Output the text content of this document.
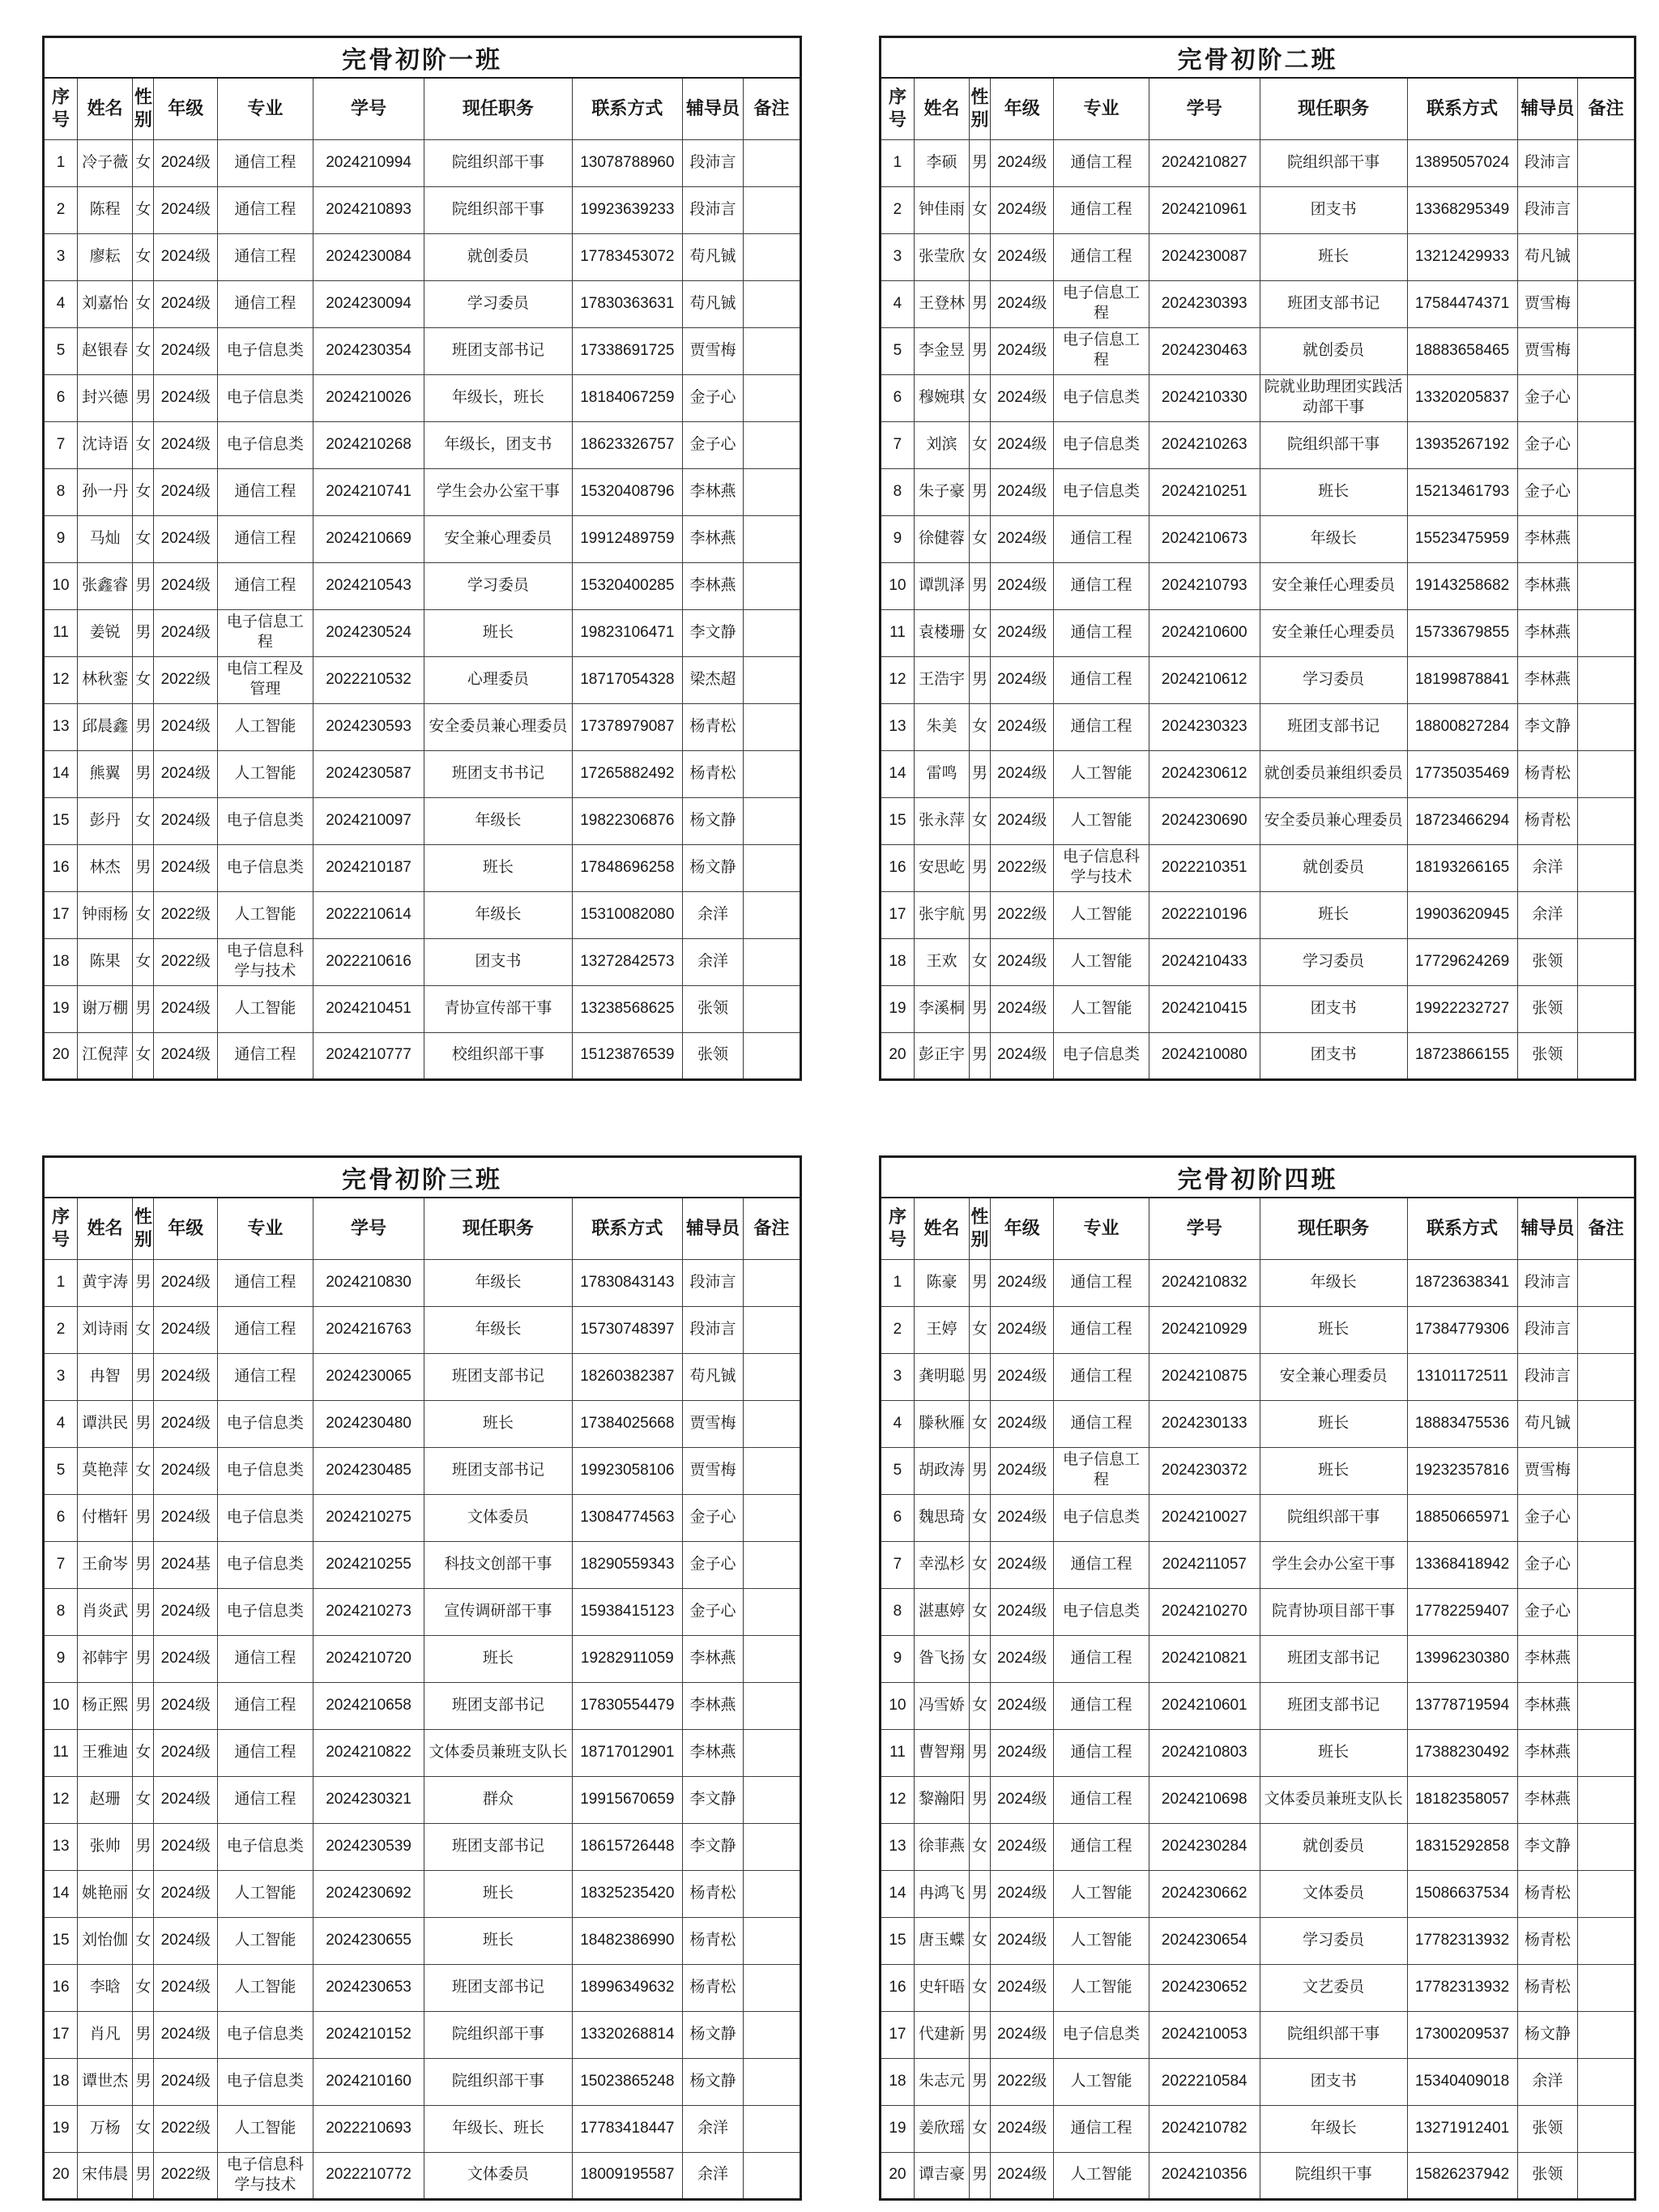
完骨初阶一班									
序号	姓名	性别	年级	专业	学号	现任职务	联系方式	辅导员	备注
1	冷子薇	女	2024级	通信工程	2024210994	院组织部干事	13078788960	段沛言	
2	陈程	女	2024级	通信工程	2024210893	院组织部干事	19923639233	段沛言	
3	廖耘	女	2024级	通信工程	2024230084	就创委员	17783453072	苟凡铖	
4	刘嘉怡	女	2024级	通信工程	2024230094	学习委员	17830363631	苟凡铖	
5	赵银春	女	2024级	电子信息类	2024230354	班团支部书记	17338691725	贾雪梅	
6	封兴德	男	2024级	电子信息类	2024210026	年级长，班长	18184067259	金子心	
7	沈诗语	女	2024级	电子信息类	2024210268	年级长，团支书	18623326757	金子心	
8	孙一丹	女	2024级	通信工程	2024210741	学生会办公室干事	15320408796	李林燕	
9	马灿	女	2024级	通信工程	2024210669	安全兼心理委员	19912489759	李林燕	
10	张鑫睿	男	2024级	通信工程	2024210543	学习委员	15320400285	李林燕	
11	姜锐	男	2024级	电子信息工程	2024230524	班长	19823106471	李文静	
12	林秋銮	女	2022级	电信工程及管理	2022210532	心理委员	18717054328	梁杰超	
13	邱晨鑫	男	2024级	人工智能	2024230593	安全委员兼心理委员	17378979087	杨青松	
14	熊翼	男	2024级	人工智能	2024230587	班团支书书记	17265882492	杨青松	
15	彭丹	女	2024级	电子信息类	2024210097	年级长	19822306876	杨文静	
16	林杰	男	2024级	电子信息类	2024210187	班长	17848696258	杨文静	
17	钟雨杨	女	2022级	人工智能	2022210614	年级长	15310082080	余洋	
18	陈果	女	2022级	电子信息科学与技术	2022210616	团支书	13272842573	余洋	
19	谢万棚	男	2024级	人工智能	2024210451	青协宣传部干事	13238568625	张领	
20	江倪萍	女	2024级	通信工程	2024210777	校组织部干事	15123876539	张领	
完骨初阶二班									
序号	姓名	性别	年级	专业	学号	现任职务	联系方式	辅导员	备注
1	李硕	男	2024级	通信工程	2024210827	院组织部干事	13895057024	段沛言	
2	钟佳雨	女	2024级	通信工程	2024210961	团支书	13368295349	段沛言	
3	张莹欣	女	2024级	通信工程	2024230087	班长	13212429933	苟凡铖	
4	王登林	男	2024级	电子信息工程	2024230393	班团支部书记	17584474371	贾雪梅	
5	李金昱	男	2024级	电子信息工程	2024230463	就创委员	18883658465	贾雪梅	
6	穆婉琪	女	2024级	电子信息类	2024210330	院就业助理团实践活动部干事	13320205837	金子心	
7	刘滨	女	2024级	电子信息类	2024210263	院组织部干事	13935267192	金子心	
8	朱子豪	男	2024级	电子信息类	2024210251	班长	15213461793	金子心	
9	徐健蓉	女	2024级	通信工程	2024210673	年级长	15523475959	李林燕	
10	谭凯泽	男	2024级	通信工程	2024210793	安全兼任心理委员	19143258682	李林燕	
11	袁楼珊	女	2024级	通信工程	2024210600	安全兼任心理委员	15733679855	李林燕	
12	王浩宇	男	2024级	通信工程	2024210612	学习委员	18199878841	李林燕	
13	朱美	女	2024级	通信工程	2024230323	班团支部书记	18800827284	李文静	
14	雷鸣	男	2024级	人工智能	2024230612	就创委员兼组织委员	17735035469	杨青松	
15	张永萍	女	2024级	人工智能	2024230690	安全委员兼心理委员	18723466294	杨青松	
16	安思屹	男	2022级	电子信息科学与技术	2022210351	就创委员	18193266165	余洋	
17	张宇航	男	2022级	人工智能	2022210196	班长	19903620945	余洋	
18	王欢	女	2024级	人工智能	2024210433	学习委员	17729624269	张领	
19	李溪桐	男	2024级	人工智能	2024210415	团支书	19922232727	张领	
20	彭正宇	男	2024级	电子信息类	2024210080	团支书	18723866155	张领	
完骨初阶三班									
序号	姓名	性别	年级	专业	学号	现任职务	联系方式	辅导员	备注
1	黄宇涛	男	2024级	通信工程	2024210830	年级长	17830843143	段沛言	
2	刘诗雨	女	2024级	通信工程	2024216763	年级长	15730748397	段沛言	
3	冉智	男	2024级	通信工程	2024230065	班团支部书记	18260382387	苟凡铖	
4	谭洪民	男	2024级	电子信息类	2024230480	班长	17384025668	贾雪梅	
5	莫艳萍	女	2024级	电子信息类	2024230485	班团支部书记	19923058106	贾雪梅	
6	付楷轩	男	2024级	电子信息类	2024210275	文体委员	13084774563	金子心	
7	王俞岑	男	2024基	电子信息类	2024210255	科技文创部干事	18290559343	金子心	
8	肖炎武	男	2024级	电子信息类	2024210273	宣传调研部干事	15938415123	金子心	
9	祁韩宇	男	2024级	通信工程	2024210720	班长	19282911059	李林燕	
10	杨正熙	男	2024级	通信工程	2024210658	班团支部书记	17830554479	李林燕	
11	王雅迪	女	2024级	通信工程	2024210822	文体委员兼班支队长	18717012901	李林燕	
12	赵珊	女	2024级	通信工程	2024230321	群众	19915670659	李文静	
13	张帅	男	2024级	电子信息类	2024230539	班团支部书记	18615726448	李文静	
14	姚艳丽	女	2024级	人工智能	2024230692	班长	18325235420	杨青松	
15	刘怡伽	女	2024级	人工智能	2024230655	班长	18482386990	杨青松	
16	李晗	女	2024级	人工智能	2024230653	班团支部书记	18996349632	杨青松	
17	肖凡	男	2024级	电子信息类	2024210152	院组织部干事	13320268814	杨文静	
18	谭世杰	男	2024级	电子信息类	2024210160	院组织部干事	15023865248	杨文静	
19	万杨	女	2022级	人工智能	2022210693	年级长、班长	17783418447	余洋	
20	宋伟晨	男	2022级	电子信息科学与技术	2022210772	文体委员	18009195587	余洋	
完骨初阶四班									
序号	姓名	性别	年级	专业	学号	现任职务	联系方式	辅导员	备注
1	陈豪	男	2024级	通信工程	2024210832	年级长	18723638341	段沛言	
2	王婷	女	2024级	通信工程	2024210929	班长	17384779306	段沛言	
3	龚明聪	男	2024级	通信工程	2024210875	安全兼心理委员	13101172511	段沛言	
4	滕秋雁	女	2024级	通信工程	2024230133	班长	18883475536	苟凡铖	
5	胡政涛	男	2024级	电子信息工程	2024230372	班长	19232357816	贾雪梅	
6	魏思琦	女	2024级	电子信息类	2024210027	院组织部干事	18850665971	金子心	
7	幸泓杉	女	2024级	通信工程	2024211057	学生会办公室干事	13368418942	金子心	
8	湛惠婷	女	2024级	电子信息类	2024210270	院青协项目部干事	17782259407	金子心	
9	昝飞扬	女	2024级	通信工程	2024210821	班团支部书记	13996230380	李林燕	
10	冯雪娇	女	2024级	通信工程	2024210601	班团支部书记	13778719594	李林燕	
11	曹智翔	男	2024级	通信工程	2024210803	班长	17388230492	李林燕	
12	黎瀚阳	男	2024级	通信工程	2024210698	文体委员兼班支队长	18182358057	李林燕	
13	徐菲燕	女	2024级	通信工程	2024230284	就创委员	18315292858	李文静	
14	冉鸿飞	男	2024级	人工智能	2024230662	文体委员	15086637534	杨青松	
15	唐玉蝶	女	2024级	人工智能	2024230654	学习委员	17782313932	杨青松	
16	史轩晤	女	2024级	人工智能	2024230652	文艺委员	17782313932	杨青松	
17	代建新	男	2024级	电子信息类	2024210053	院组织部干事	17300209537	杨文静	
18	朱志元	男	2022级	人工智能	2022210584	团支书	15340409018	余洋	
19	姜欣瑶	女	2024级	通信工程	2024210782	年级长	13271912401	张领	
20	谭吉豪	男	2024级	人工智能	2024210356	院组织干事	15826237942	张领	
